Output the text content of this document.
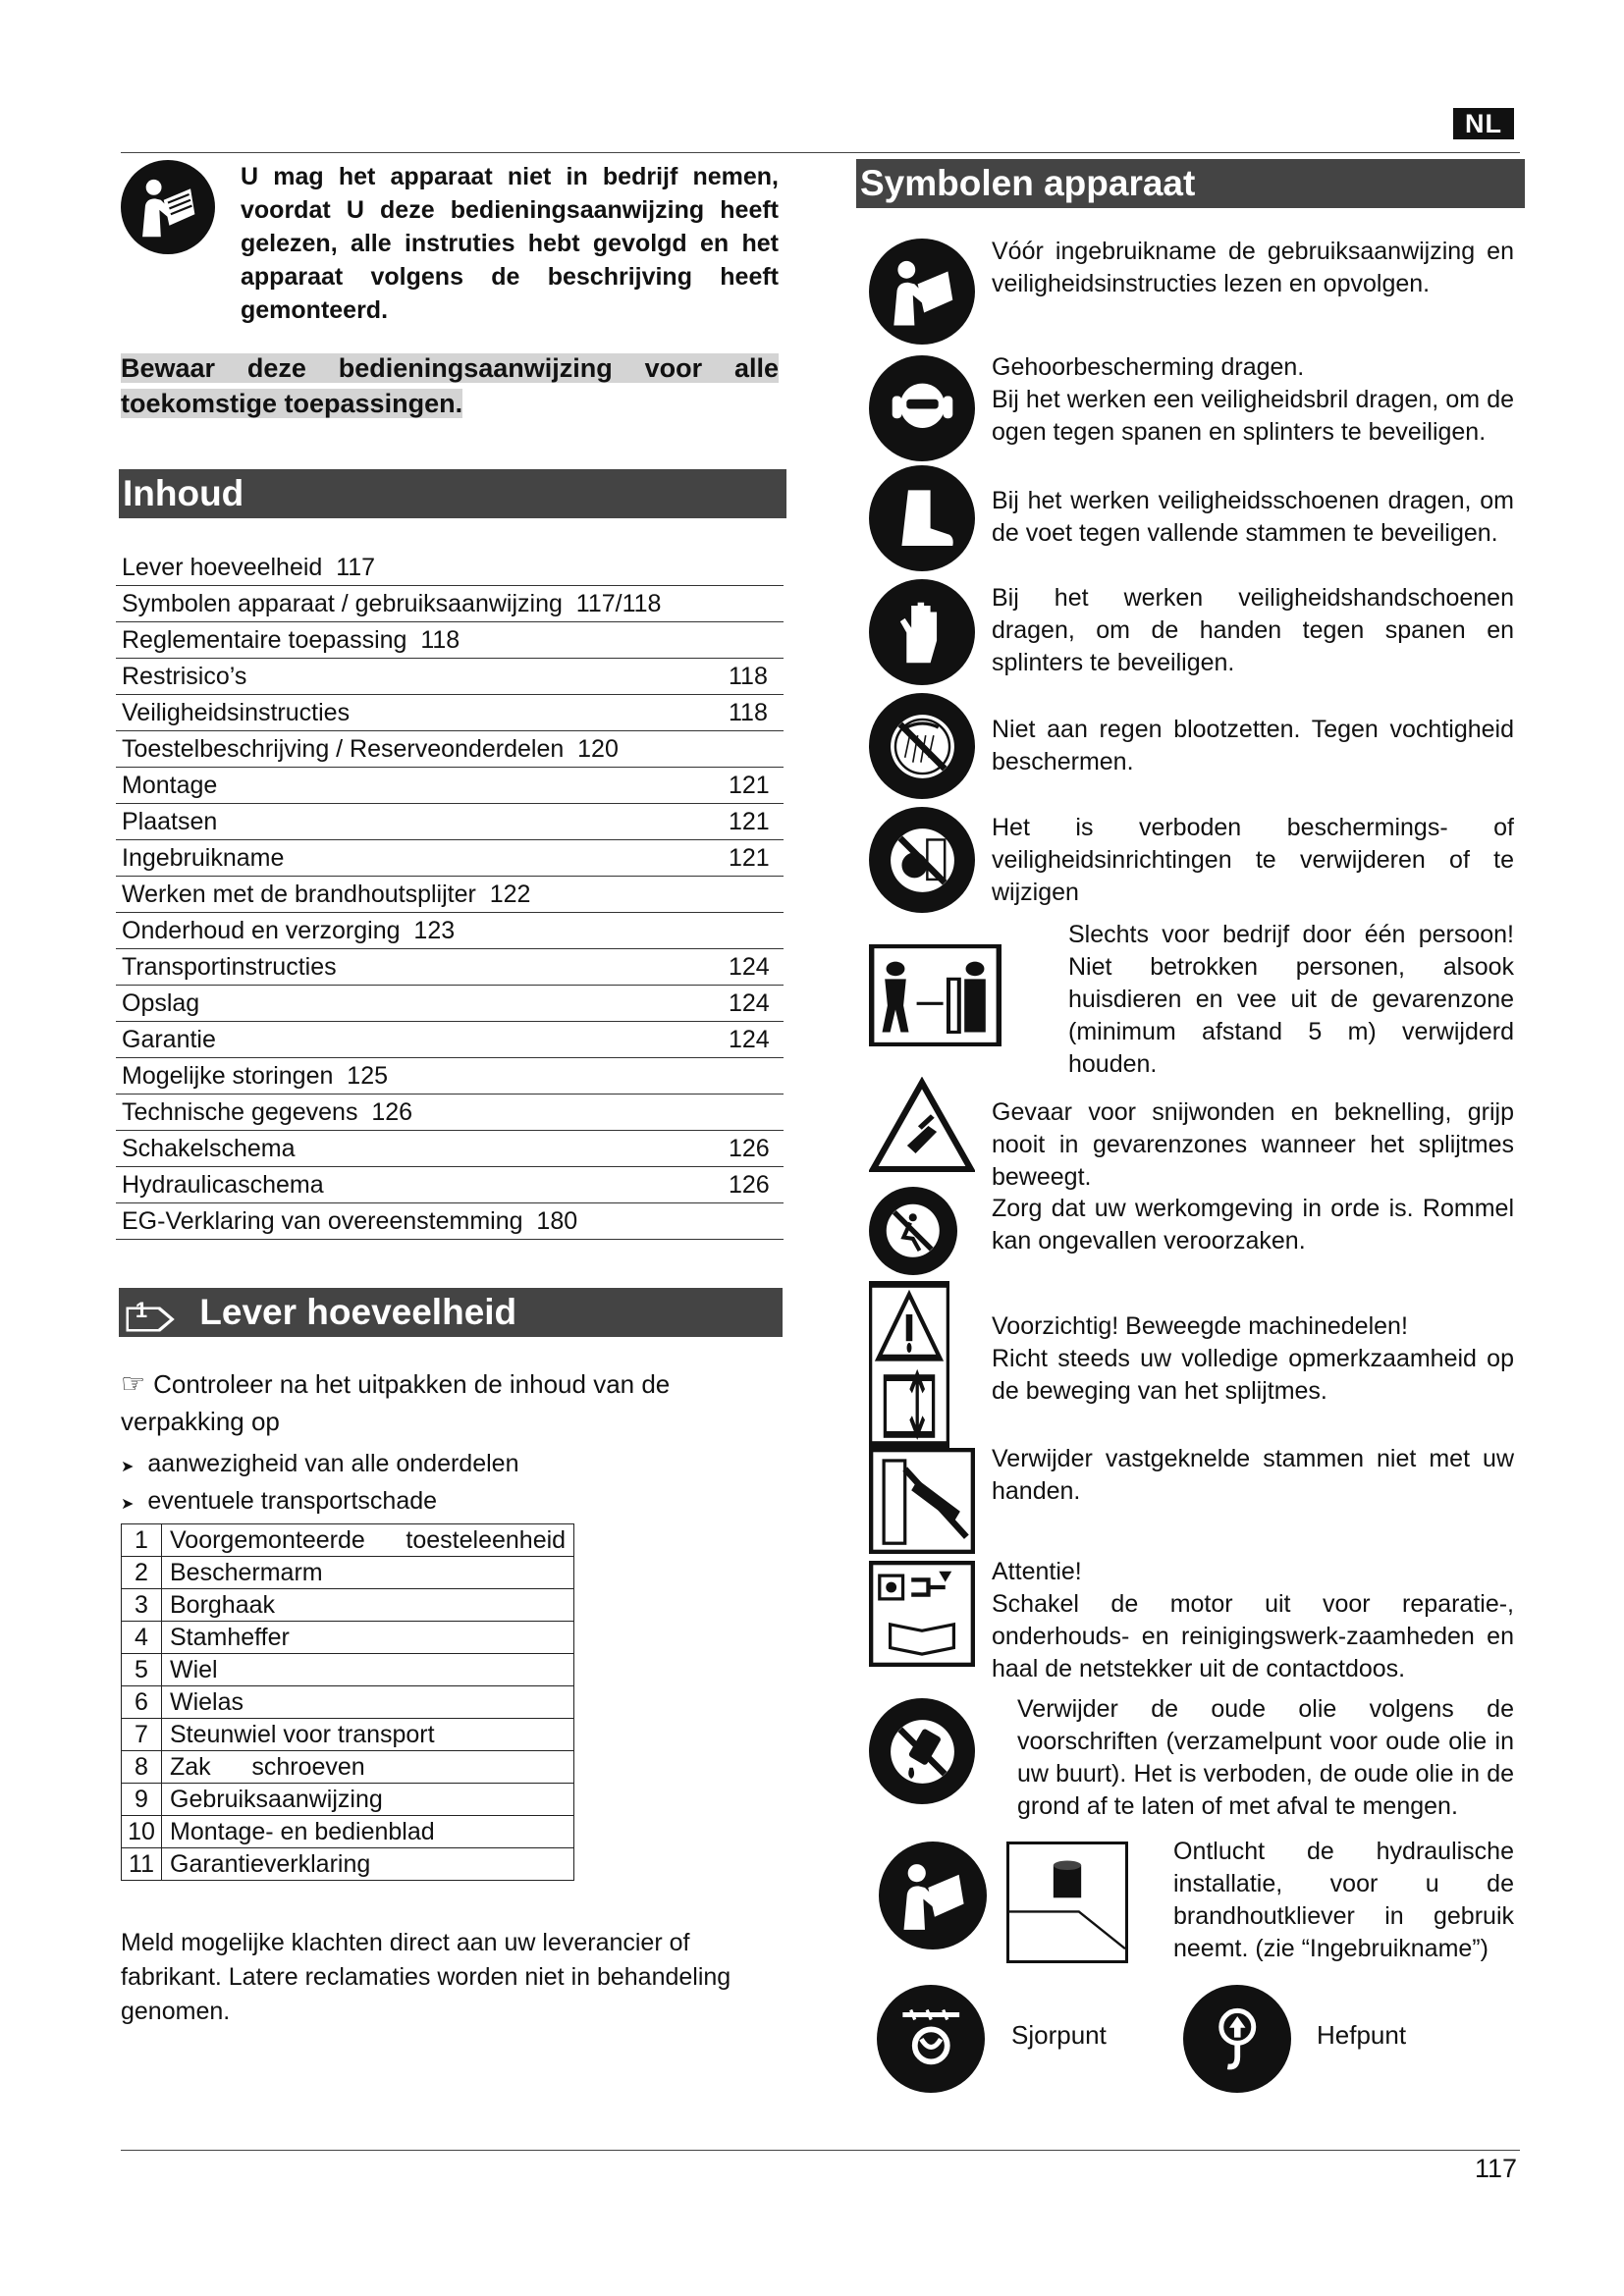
NL
U mag het apparaat niet in bedrijf nemen, voordat U deze bedieningsaanwijzing heeft gelezen, alle instruties hebt gevolgd en het apparaat volgens de beschrijving heeft gemonteerd.
Bewaar deze bedieningsaanwijzing voor alle toekomstige toepassingen.
Inhoud
Lever hoeveelheid  117
Symbolen apparaat / gebruiksaanwijzing  117/118
Reglementaire toepassing  118
Restrisico’s	118
Veiligheidsinstructies	118
Toestelbeschrijving / Reserveonderdelen  120
Montage	121
Plaatsen	121
Ingebruikname	121
Werken met de brandhoutsplijter  122
Onderhoud en verzorging  123
Transportinstructies	124
Opslag	124
Garantie	124
Mogelijke storingen  125
Technische gegevens  126
Schakelschema	126
Hydraulicaschema	126
EG-Verklaring van overeenstemming  180
1 Lever hoeveelheid
☞ Controleer na het uitpakken de inhoud van de verpakking op
➤ aanwezigheid van alle onderdelen
➤ eventuele transportschade
1	Voorgemonteerde      toesteleenheid
2	Beschermarm
3	Borghaak
4	Stamheffer
5	Wiel
6	Wielas
7	Steunwiel voor transport
8	Zak      schroeven
9	Gebruiksaanwijzing
10	Montage- en bedienblad
11	Garantieverklaring
Meld mogelijke klachten direct aan uw leverancier of fabrikant. Latere reclamaties worden niet in behandeling genomen.
Symbolen apparaat
Vóór ingebruikname de gebruiksaanwijzing en veiligheidsinstructies lezen en opvolgen.
Gehoorbescherming dragen.
Bij het werken een veiligheidsbril dragen, om de ogen tegen spanen en splinters te beveiligen.
Bij het werken veiligheidsschoenen dragen, om de voet tegen vallende stammen te beveiligen.
Bij het werken veiligheidshandschoenen dragen, om de handen tegen spanen en splinters te beveiligen.
Niet aan regen blootzetten. Tegen vochtigheid beschermen.
Het is verboden beschermings- of veiligheidsinrichtingen te verwijderen of te wijzigen
Slechts voor bedrijf door één persoon! Niet betrokken personen, alsook huisdieren en vee uit de gevarenzone (minimum afstand 5 m) verwijderd houden.
Gevaar voor snijwonden en beknelling, grijp nooit in gevarenzones wanneer het splijtmes beweegt.
Zorg dat uw werkomgeving in orde is. Rommel kan ongevallen veroorzaken.
Voorzichtig! Beweegde machinedelen!
Richt steeds uw volledige opmerkzaamheid op de beweging van het splijtmes.
Verwijder vastgeknelde stammen niet met uw handen.
Attentie!
Schakel de motor uit voor reparatie-, onderhouds- en reinigingswerk-zaamheden en haal de netstekker uit de contactdoos.
Verwijder de oude olie volgens de voorschriften (verzamelpunt voor oude olie in uw buurt). Het is verboden, de oude olie in de grond af te laten of met afval te mengen.
Ontlucht de hydraulische installatie, voor u de brandhoutkliever in gebruik neemt. (zie “Ingebruikname”)
Sjorpunt	Hefpunt
117
